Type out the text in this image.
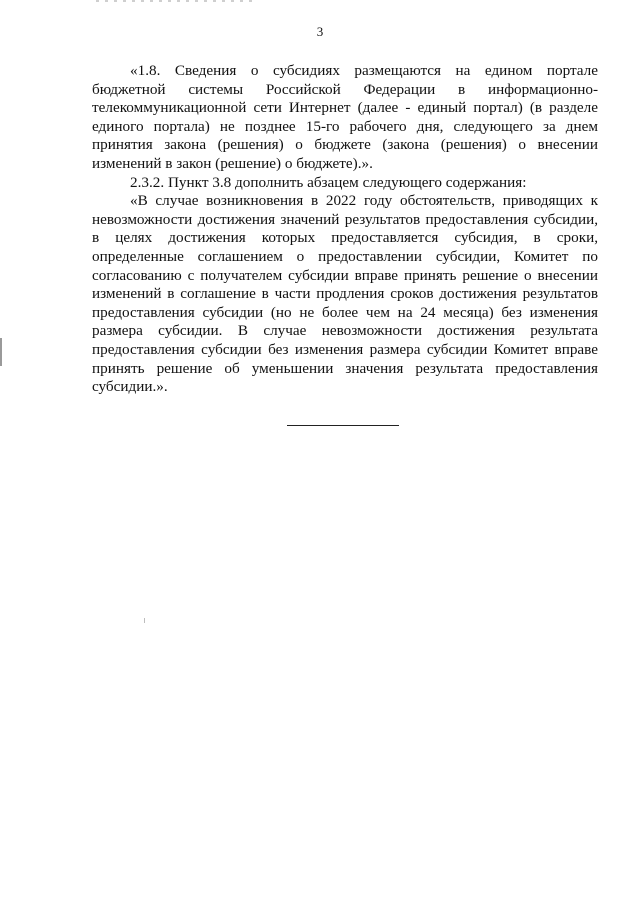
3

«1.8. Сведения о субсидиях размещаются на едином портале бюджетной системы Российской Федерации в информационно-телекоммуникационной сети Интернет (далее - единый портал) (в разделе единого портала) не позднее 15-го рабочего дня, следующего за днем принятия закона (решения) о бюджете (закона (решения) о внесении изменений в закон (решение) о бюджете).».

2.3.2. Пункт 3.8 дополнить абзацем следующего содержания:

«В случае возникновения в 2022 году обстоятельств, приводящих к невозможности достижения значений результатов предоставления субсидии, в целях достижения которых предоставляется субсидия, в сроки, определенные соглашением о предоставлении субсидии, Комитет по согласованию с получателем субсидии вправе принять решение о внесении изменений в соглашение в части продления сроков достижения результатов предоставления субсидии (но не более чем на 24 месяца) без изменения размера субсидии. В случае невозможности достижения результата предоставления субсидии без изменения размера субсидии Комитет вправе принять решение об уменьшении значения результата предоставления субсидии.».
